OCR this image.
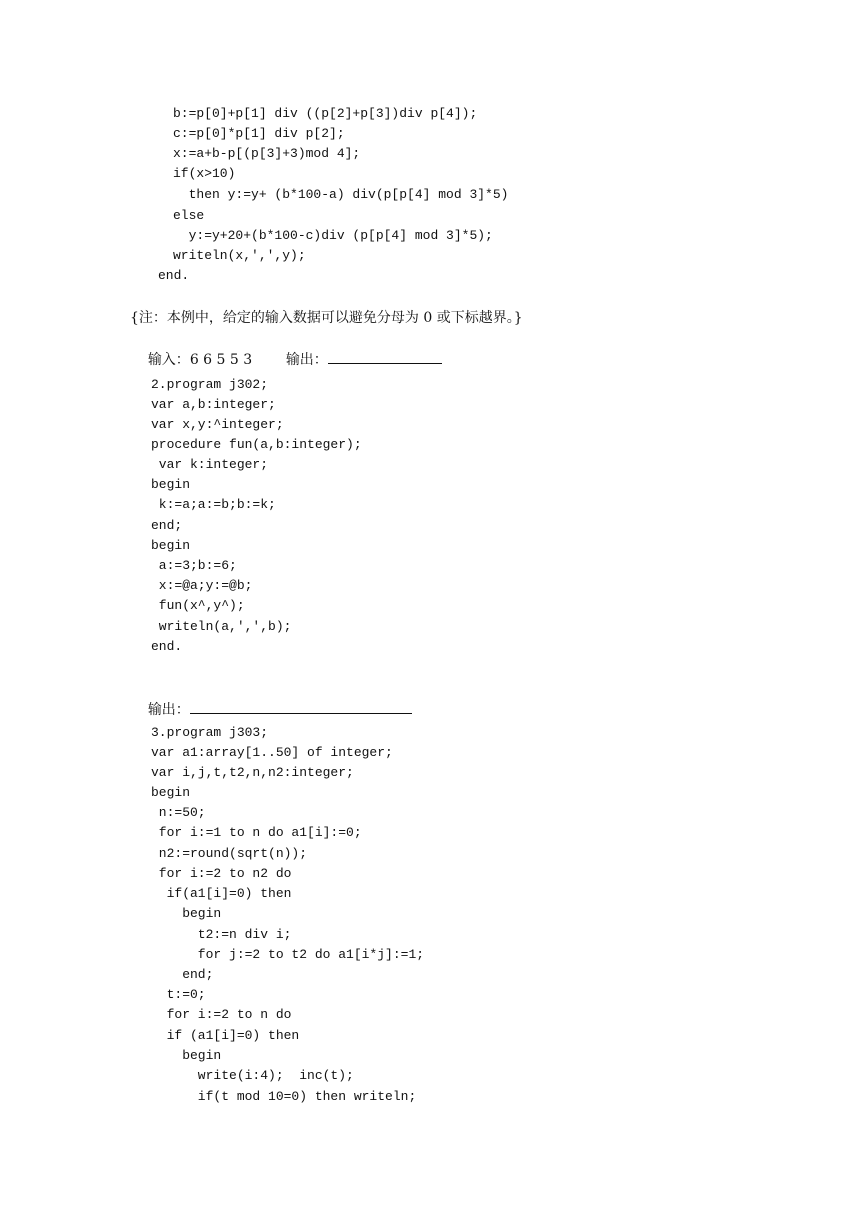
b:=p[0]+p[1] div ((p[2]+p[3])div p[4]);
c:=p[0]*p[1] div p[2];
x:=a+b-p[(p[3]+3)mod 4];
if(x>10)
then y:=y+ (b*100-a) div(p[p[4] mod 3]*5)
else
y:=y+20+(b*100-c)div (p[p[4] mod 3]*5);
writeln(x,',',y);
end.
{注：本例中，给定的输入数据可以避免分母为 0 或下标越界。}

输入：6 6 5 5 3
	输出：

2.program j302;
var a,b:integer;
var x,y:^integer;
procedure fun(a,b:integer);
var k:integer;
begin
k:=a;a:=b;b:=k;
end;
begin
a:=3;b:=6;
x:=@a;y:=@b;
fun(x^,y^);
writeln(a,',',b);
end.

输出：

3.program j303;
var a1:array[1..50] of integer;
var i,j,t,t2,n,n2:integer;
begin
n:=50;
for i:=1 to n do a1[i]:=0;
n2:=round(sqrt(n));
for i:=2 to n2 do
if(a1[i]=0) then
begin
t2:=n div i;
for j:=2 to t2 do a1[i*j]:=1;
end;
t:=0;
for i:=2 to n do
if (a1[i]=0) then
begin
write(i:4);  inc(t);
if(t mod 10=0) then writeln;
